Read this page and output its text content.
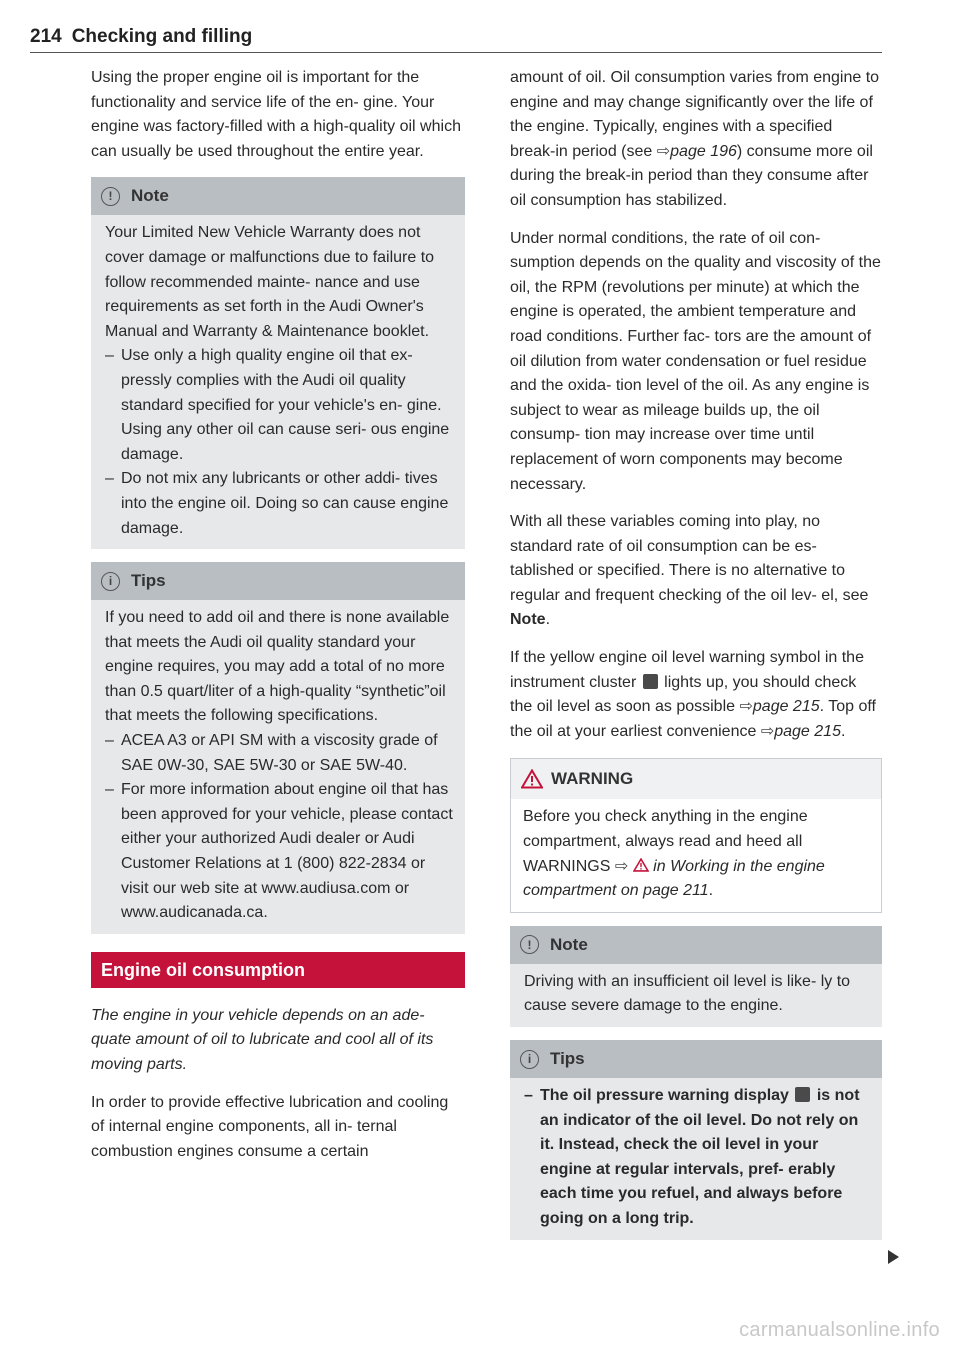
214 Checking and filling

Using the proper engine oil is important for the functionality and service life of the en- gine. Your engine was factory-filled with a high-quality oil which can usually be used throughout the entire year.

!	Note

Your Limited New Vehicle Warranty does not cover damage or malfunctions due to failure to follow recommended mainte- nance and use requirements as set forth in the Audi Owner's Manual and Warranty & Maintenance booklet.

– Use only a high quality engine oil that ex- pressly complies with the Audi oil quality standard specified for your vehicle's en- gine. Using any other oil can cause seri- ous engine damage.
– Do not mix any lubricants or other addi- tives into the engine oil. Doing so can cause engine damage.
i	Tips

If you need to add oil and there is none available that meets the Audi oil quality standard your engine requires, you may add a total of no more than 0.5 quart/liter of a high-quality “synthetic”oil that meets the following specifications.

– ACEA A3 or API SM with a viscosity grade of SAE 0W-30, SAE 5W-30 or SAE 5W-40.
– For more information about engine oil that has been approved for your vehicle, please contact either your authorized Audi dealer or Audi Customer Relations at 1 (800) 822-2834 or visit our web site at www.audiusa.com or www.audicanada.ca.
Engine oil consumption

The engine in your vehicle depends on an ade- quate amount of oil to lubricate and cool all of its moving parts.

In order to provide effective lubrication and cooling of internal engine components, all in- ternal combustion engines consume a certain

amount of oil. Oil consumption varies from engine to engine and may change significantly over the life of the engine. Typically, engines with a specified break-in period (see ⇨page 196) consume more oil during the break-in period than they consume after oil consumption has stabilized.

Under normal conditions, the rate of oil con- sumption depends on the quality and viscosity of the oil, the RPM (revolutions per minute) at which the engine is operated, the ambient temperature and road conditions. Further fac- tors are the amount of oil dilution from water condensation or fuel residue and the oxida- tion level of the oil. As any engine is subject to wear as mileage builds up, the oil consump- tion may increase over time until replacement of worn components may become necessary.

With all these variables coming into play, no standard rate of oil consumption can be es- tablished or specified. There is no alternative to regular and frequent checking of the oil lev- el, see Note.

If the yellow engine oil level warning symbol in the instrument cluster lights up, you should check the oil level as soon as possible ⇨page 215. Top off the oil at your earliest convenience ⇨page 215.

WARNING
Before you check anything in the engine compartment, always read and heed all WARNINGS ⇨ in Working in the engine compartment on page 211.
!	Note

Driving with an insufficient oil level is like- ly to cause severe damage to the engine.

i	Tips
– The oil pressure warning display is not an indicator of the oil level. Do not rely on it. Instead, check the oil level in your engine at regular intervals, pref- erably each time you refuel, and always before going on a long trip.
carmanualsonline.info
